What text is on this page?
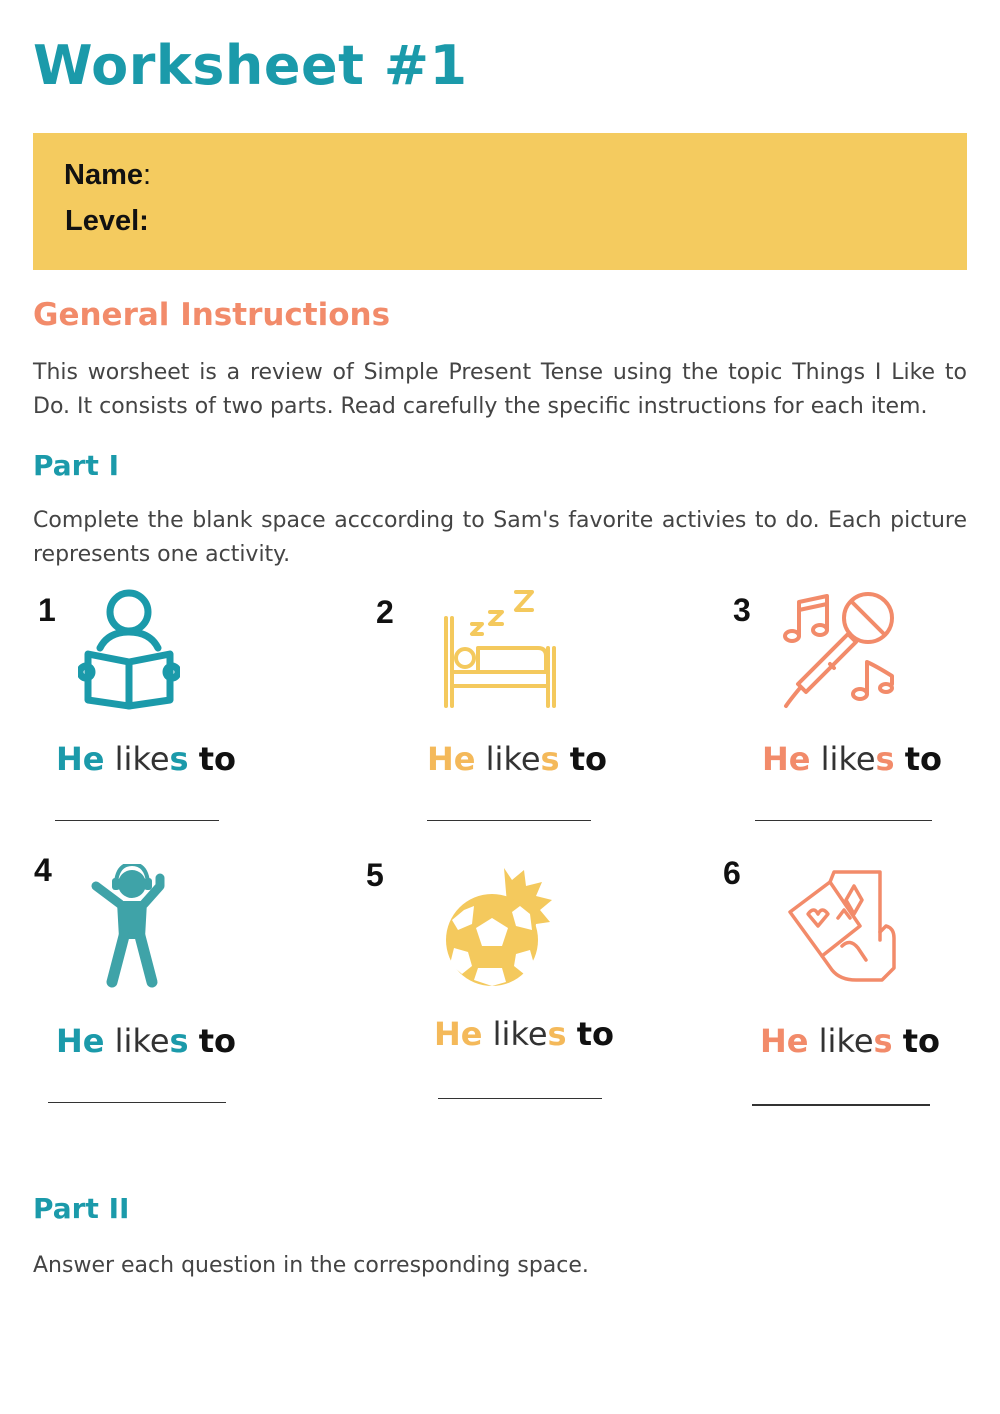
Worksheet #1
Name:
Level:
General Instructions

This worsheet is a review of Simple Present Tense using the topic Things I Like to Do. It consists of two parts. Read carefully the specific instructions for each item.

Part I

Complete the blank space acccording to Sam's favorite activies to do. Each picture represents one activity.

1
He likes to
2
He likes to
3
He likes to
4
He likes to
5
He likes to
6
He likes to
Part II

Answer each question in the corresponding space.
